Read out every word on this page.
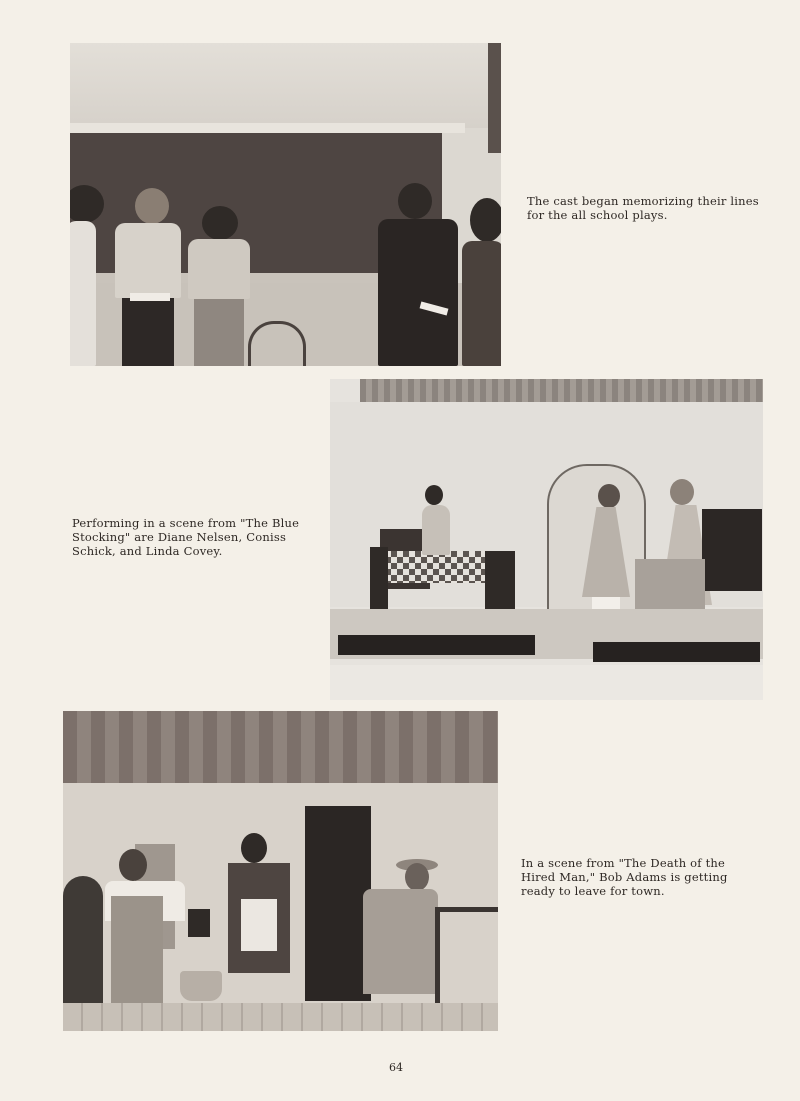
The cast began memorizing their lines
for the all school plays.
Performing in a scene from "The Blue
Stocking" are Diane Nelsen, Coniss
Schick, and Linda Covey.
In a scene from "The Death of the
Hired Man," Bob Adams is getting
ready to leave for town.
64
